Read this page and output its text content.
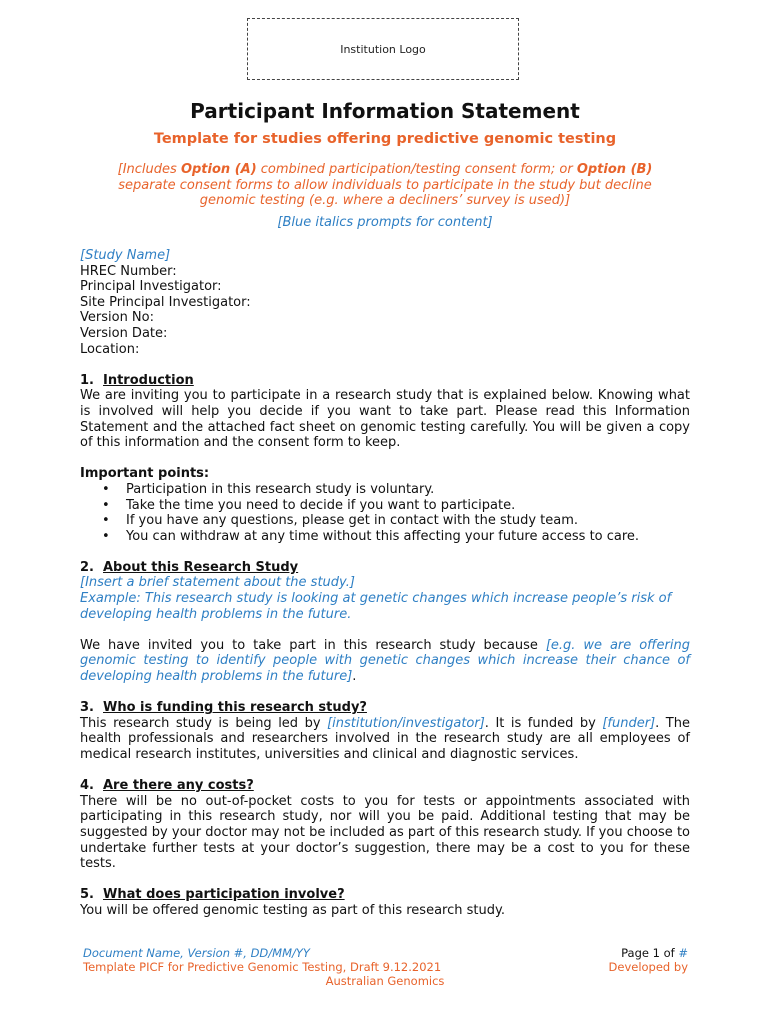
Institution Logo
Participant Information Statement
Template for studies offering predictive genomic testing
[Includes Option (A) combined participation/testing consent form; or Option (B)
separate consent forms to allow individuals to participate in the study but decline
genomic testing (e.g. where a decliners’ survey is used)]
[Blue italics prompts for content]
[Study Name]
HREC Number:
Principal Investigator:
Site Principal Investigator:
Version No:
Version Date:
Location:
1. Introduction

We are inviting you to participate in a research study that is explained below. Knowing what is involved will help you decide if you want to take part. Please read this Information Statement and the attached fact sheet on genomic testing carefully. You will be given a copy of this information and the consent form to keep.

Important points:

• Participation in this research study is voluntary.
• Take the time you need to decide if you want to participate.
• If you have any questions, please get in contact with the study team.
• You can withdraw at any time without this affecting your future access to care.
2. About this Research Study

[Insert a brief statement about the study.]

Example: This research study is looking at genetic changes which increase people’s risk of developing health problems in the future.

We have invited you to take part in this research study because [e.g. we are offering genomic testing to identify people with genetic changes which increase their chance of developing health problems in the future].

3. Who is funding this research study?

This research study is being led by [institution/investigator]. It is funded by [funder]. The health professionals and researchers involved in the research study are all employees of medical research institutes, universities and clinical and diagnostic services.

4. Are there any costs?

There will be no out-of-pocket costs to you for tests or appointments associated with participating in this research study, nor will you be paid. Additional testing that may be suggested by your doctor may not be included as part of this research study. If you choose to undertake further tests at your doctor’s suggestion, there may be a cost to you for these tests.

5. What does participation involve?

You will be offered genomic testing as part of this research study.

Document Name, Version #, DD/MM/YY
Template PICF for Predictive Genomic Testing, Draft 9.12.2021
Page 1 of #
Developed by
Australian Genomics
